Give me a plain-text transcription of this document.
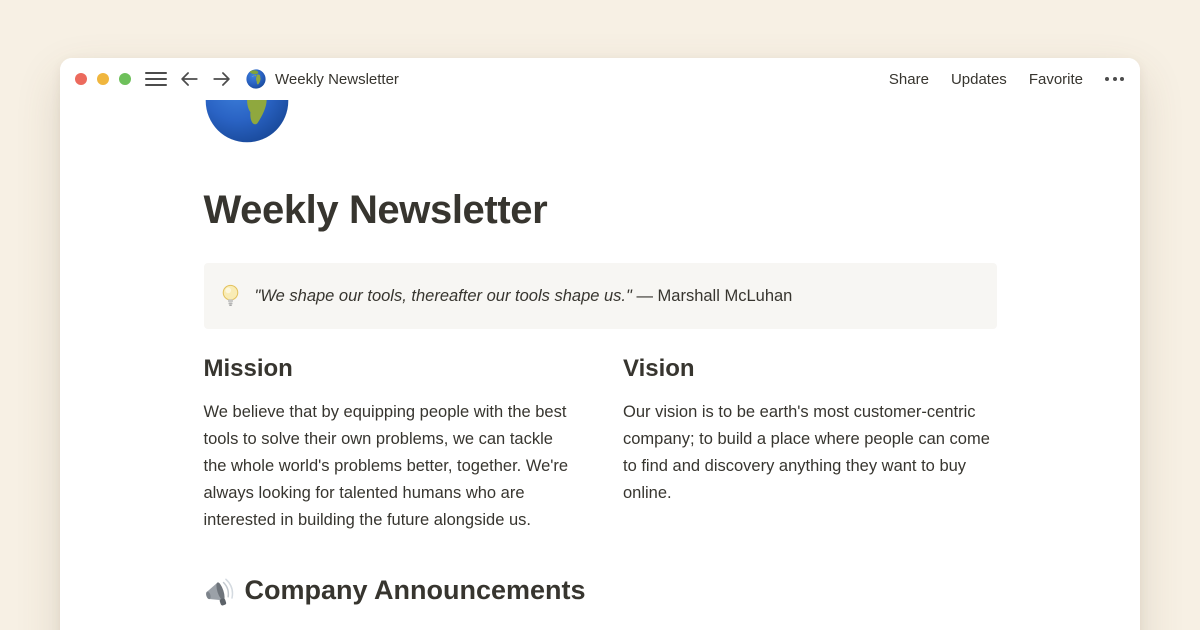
Weekly Newsletter	Share Updates Favorite
Weekly Newsletter
"We shape our tools, thereafter our tools shape us." — Marshall McLuhan
Mission

We believe that by equipping people with the best tools to solve their own problems, we can tackle the whole world's problems better, together. We're always looking for talented humans who are interested in building the future alongside us.

Vision

Our vision is to be earth's most customer-centric company; to build a place where people can come to find and discovery anything they want to buy online.

Company Announcements
